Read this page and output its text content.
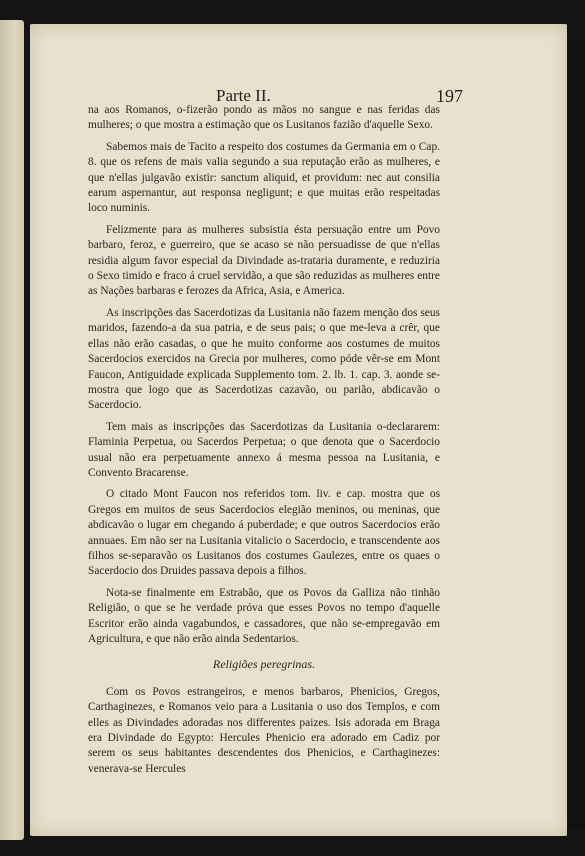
Parte II.	197

na aos Romanos, o-fizerão pondo as mãos no sangue e nas feridas das mulheres; o que mostra a estimação que os Lusitanos fazião d'aquelle Sexo.

Sabemos mais de Tacito a respeito dos costumes da Germania em o Cap. 8. que os refens de mais valia segundo a sua reputação erão as mulheres, e que n'ellas julgavão existir: sanctum aliquid, et providum: nec aut consilia earum aspernantur, aut responsa negligunt; e que muitas erão respeitadas loco numinis.

Felizmente para as mulheres subsistia ésta persuação entre um Povo barbaro, feroz, e guerreiro, que se acaso se não persuadisse de que n'ellas residia algum favor especial da Divindade as-trataria duramente, e reduziria o Sexo timido e fraco á cruel servidão, a que são reduzidas as mulheres entre as Nações barbaras e ferozes da Africa, Asia, e America.

As inscripções das Sacerdotizas da Lusitania não fazem menção dos seus maridos, fazendo-a da sua patria, e de seus pais; o que me-leva a crêr, que ellas não erão casadas, o que he muito conforme aos costumes de muitos Sacerdocios exercidos na Grecia por mulheres, como póde vêr-se em Mont Faucon, Antiguidade explicada Supplemento tom. 2. lb. 1. cap. 3. aonde se-mostra que logo que as Sacerdotizas cazavão, ou parião, abdicavão o Sacerdocio.

Tem mais as inscripções das Sacerdotizas da Lusitania o-declararem: Flaminia Perpetua, ou Sacerdos Perpetua; o que denota que o Sacerdocio usual não era perpetuamente annexo á mesma pessoa na Lusitania, e Convento Bracarense.

O citado Mont Faucon nos referidos tom. liv. e cap. mostra que os Gregos em muitos de seus Sacerdocios elegião meninos, ou meninas, que abdicavão o lugar em chegando á puberdade; e que outros Sacerdocios erão annuaes. Em não ser na Lusitania vitalicio o Sacerdocio, e transcendente aos filhos se-separavão os Lusitanos dos costumes Gaulezes, entre os quaes o Sacerdocio dos Druides passava depois a filhos.

Nota-se finalmente em Estrabão, que os Povos da Galliza não tinhão Religião, o que se he verdade próva que esses Povos no tempo d'aquelle Escritor erão ainda vagabundos, e cassadores, que não se-empregavão em Agricultura, e que não erão ainda Sedentarios.

Religiões peregrinas.

Com os Povos estrangeiros, e menos barbaros, Phenicios, Gregos, Carthaginezes, e Romanos veio para a Lusitania o uso dos Templos, e com elles as Divindades adoradas nos differentes paizes. Isis adorada em Braga era Divindade do Egypto: Hercules Phenicio era adorado em Cadiz por serem os seus habitantes descendentes dos Phenicios, e Carthaginezes: venerava-se Hercules
